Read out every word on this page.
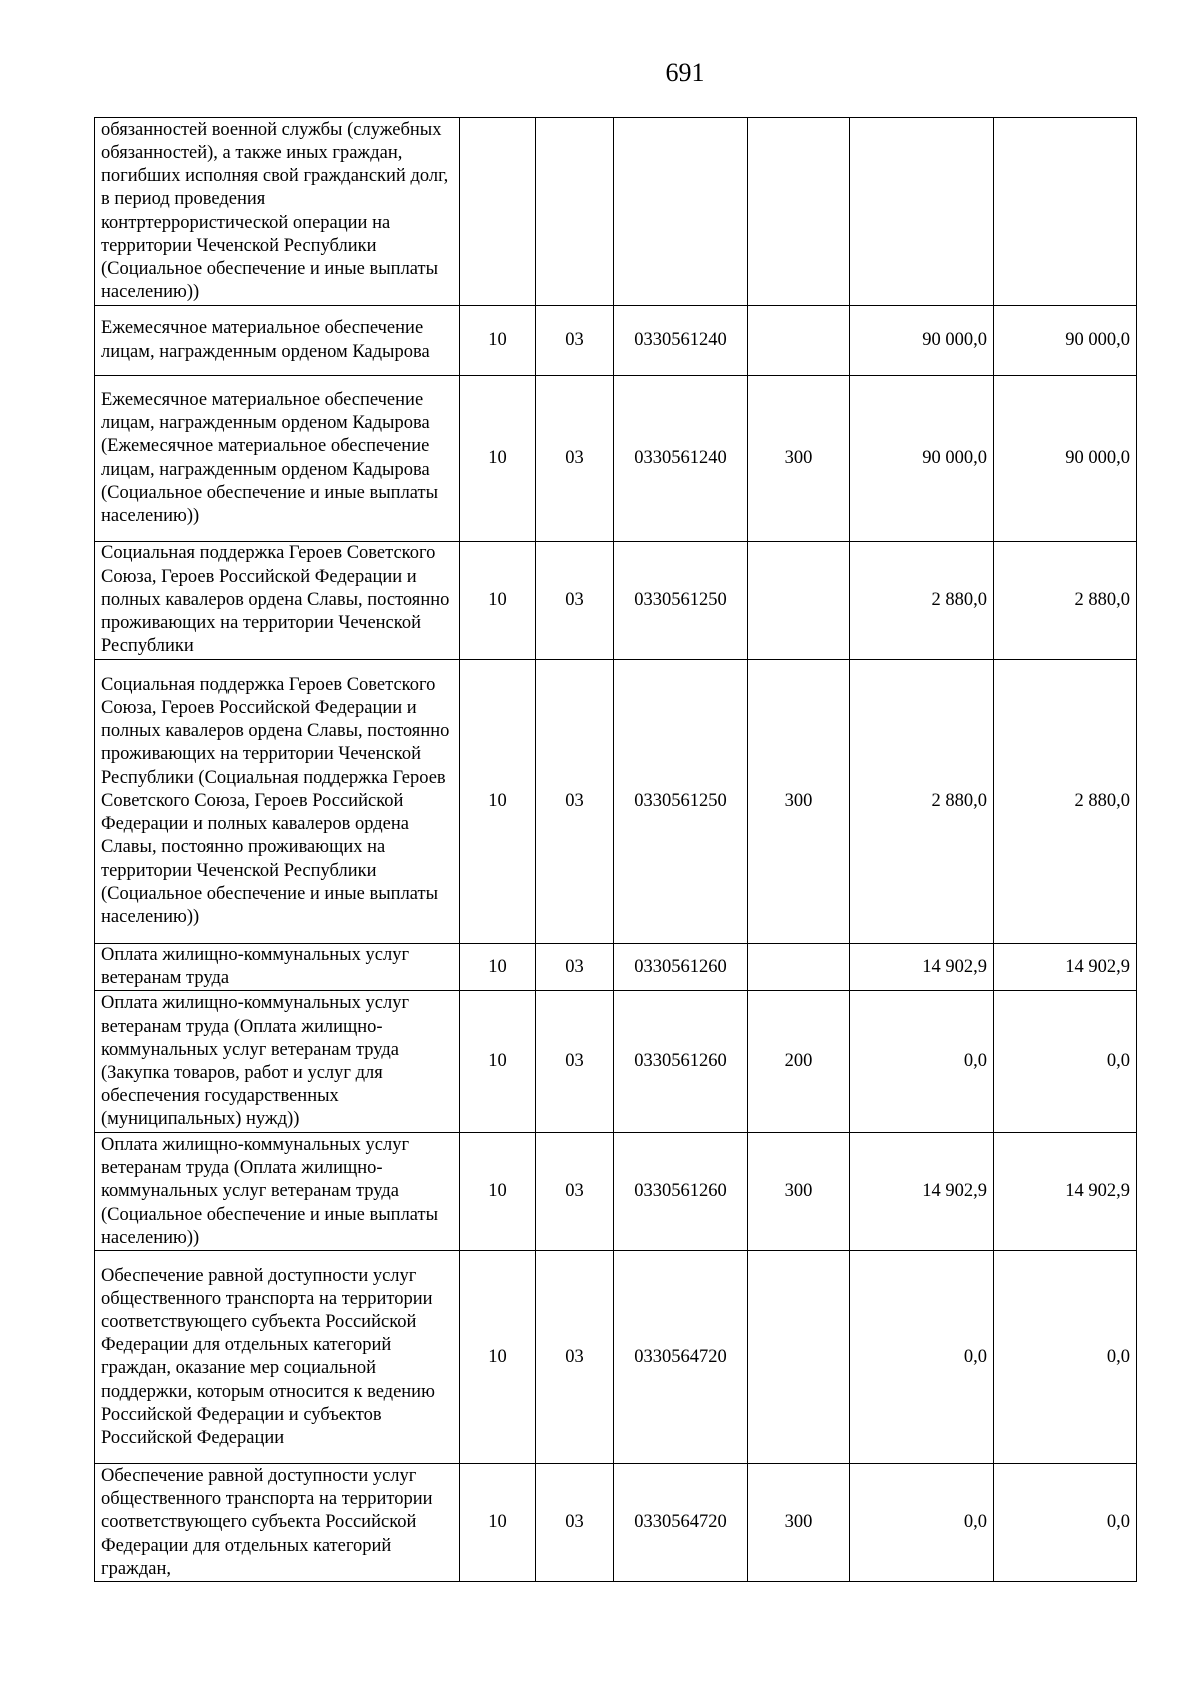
691
обязанностей военной службы (служебных обязанностей), а также иных граждан, погибших исполняя свой гражданский долг, в период проведения контртеррористической операции на территории Чеченской Республики (Социальное обеспечение и иные выплаты населению))						
Ежемесячное материальное обеспечение лицам, награжденным орденом Кадырова	10	03	0330561240		90 000,0	90 000,0
Ежемесячное материальное обеспечение лицам, награжденным орденом Кадырова (Ежемесячное материальное обеспечение лицам, награжденным орденом Кадырова (Социальное обеспечение и иные выплаты населению))	10	03	0330561240	300	90 000,0	90 000,0
Социальная поддержка Героев Советского Союза, Героев Российской Федерации и полных кавалеров ордена Славы, постоянно проживающих на территории Чеченской Республики	10	03	0330561250		2 880,0	2 880,0
Социальная поддержка Героев Советского Союза, Героев Российской Федерации и полных кавалеров ордена Славы, постоянно проживающих на территории Чеченской Республики (Социальная поддержка Героев Советского Союза, Героев Российской Федерации и полных кавалеров ордена Славы, постоянно проживающих на территории Чеченской Республики (Социальное обеспечение и иные выплаты населению))	10	03	0330561250	300	2 880,0	2 880,0
Оплата жилищно-коммунальных услуг ветеранам труда	10	03	0330561260		14 902,9	14 902,9
Оплата жилищно-коммунальных услуг ветеранам труда (Оплата жилищно-коммунальных услуг ветеранам труда (Закупка товаров, работ и услуг для обеспечения государственных (муниципальных) нужд))	10	03	0330561260	200	0,0	0,0
Оплата жилищно-коммунальных услуг ветеранам труда (Оплата жилищно-коммунальных услуг ветеранам труда (Социальное обеспечение и иные выплаты населению))	10	03	0330561260	300	14 902,9	14 902,9
Обеспечение равной доступности услуг общественного транспорта на территории соответствующего субъекта Российской Федерации для отдельных категорий граждан, оказание мер социальной поддержки, которым относится к ведению Российской Федерации и субъектов Российской Федерации	10	03	0330564720		0,0	0,0
Обеспечение равной доступности услуг общественного транспорта на территории соответствующего субъекта Российской Федерации для отдельных категорий граждан,	10	03	0330564720	300	0,0	0,0
